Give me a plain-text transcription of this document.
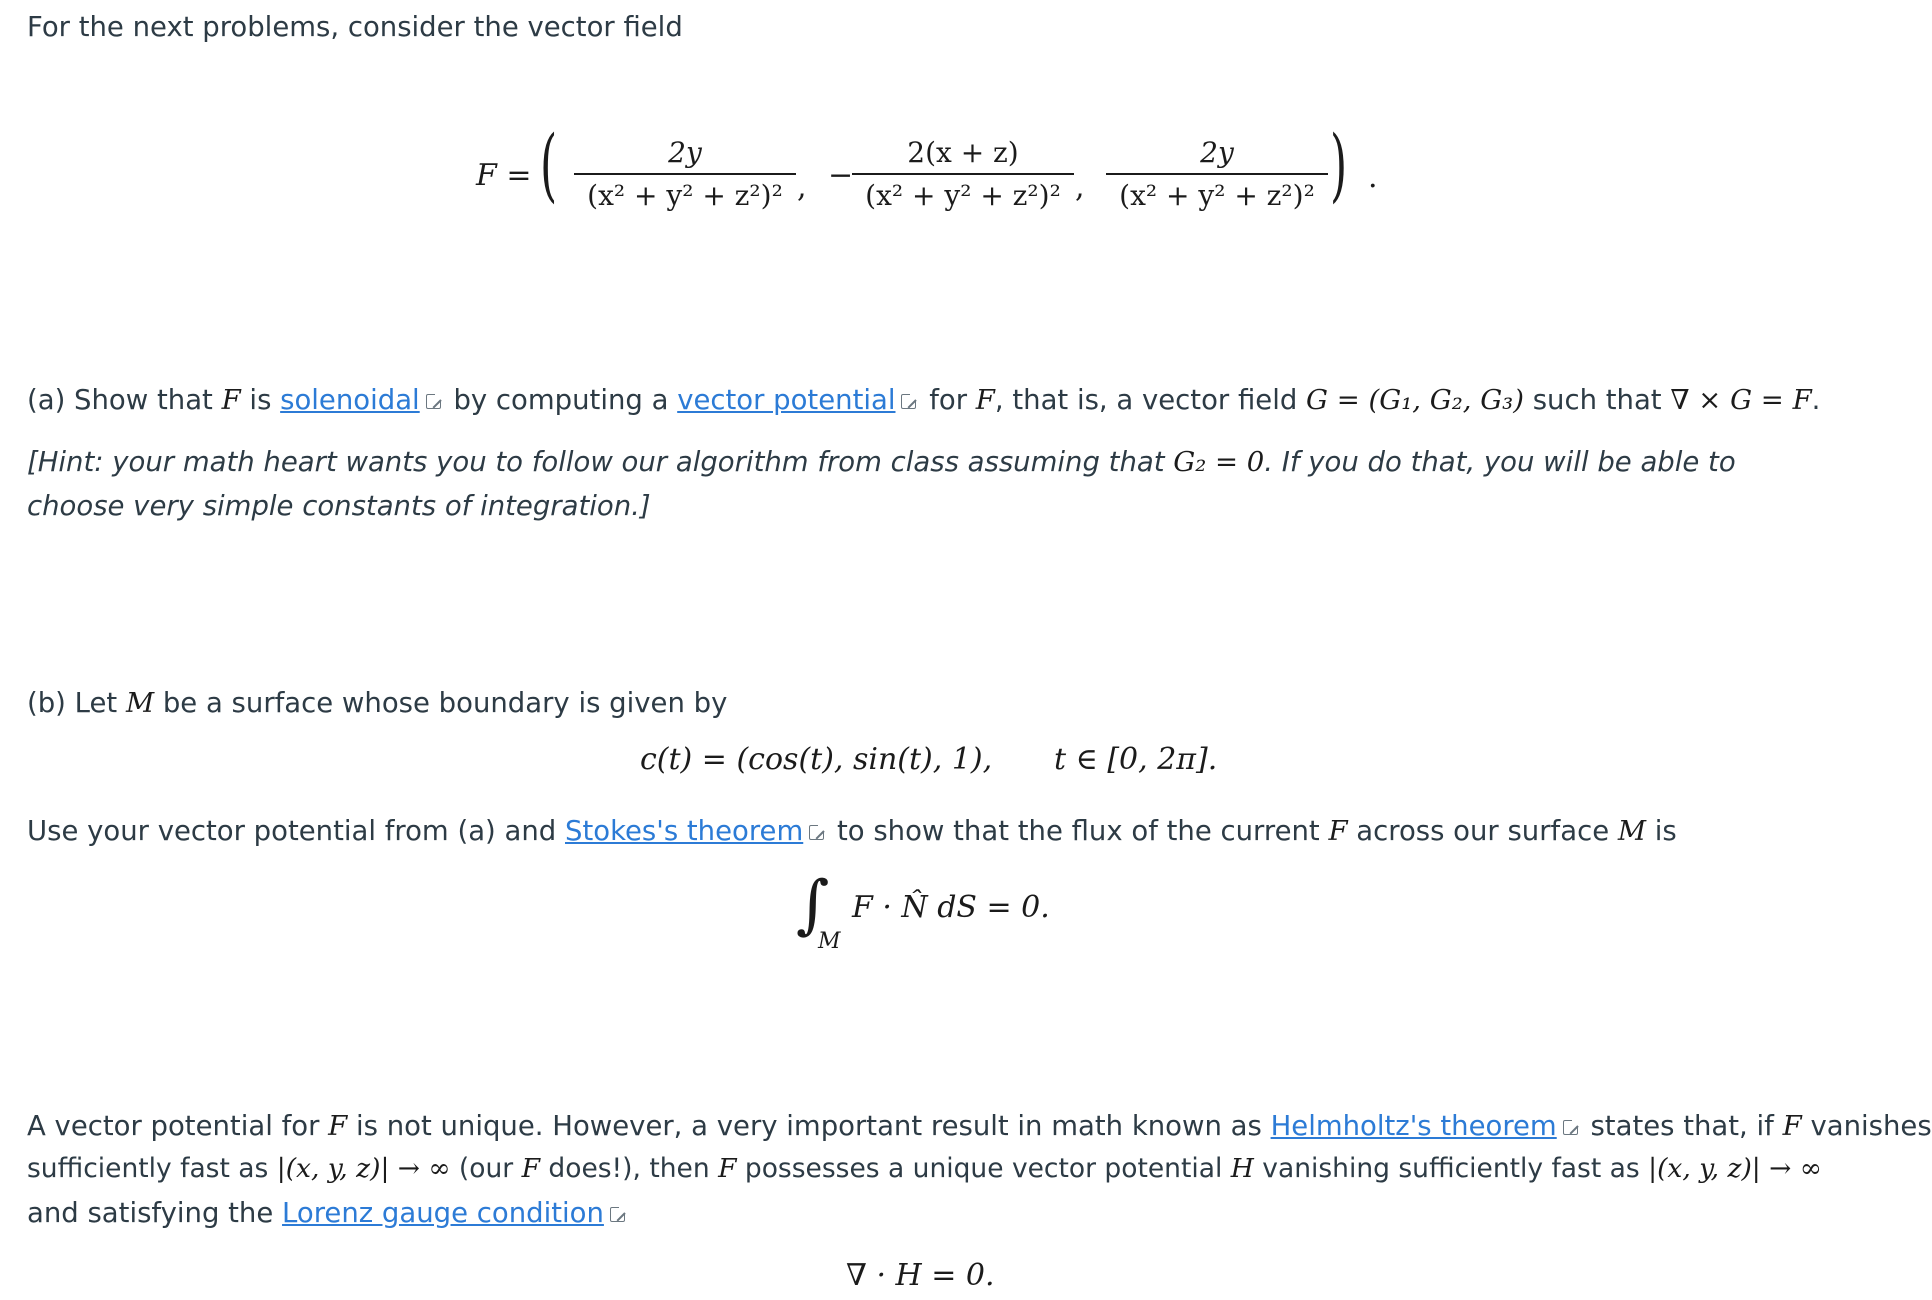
For the next problems, consider the vector field
F = (	2y
(x² + y² + z²)² , −
2(x + z)
(x² + y² + z²)² ,
2y
(x² + y² + z²)² ) .
(a) Show that F is solenoidal by computing a vector potential for F, that is, a vector field G = (G₁, G₂, G₃) such that ∇ × G = F.
[Hint: your math heart wants you to follow our algorithm from class assuming that G₂ = 0. If you do that, you will be able to choose very simple constants of integration.]
(b) Let M be a surface whose boundary is given by
c(t) = (cos(t), sin(t), 1), t ∈ [0, 2π].
Use your vector potential from (a) and Stokes's theorem to show that the flux of the current F across our surface M is
∫
M
F · N̂ dS = 0.
A vector potential for F is not unique. However, a very important result in math known as Helmholtz's theorem states that, if F vanishes
sufficiently fast as |(x, y, z)| → ∞ (our F does!), then F possesses a unique vector potential H vanishing sufficiently fast as |(x, y, z)| → ∞
and satisfying the Lorenz gauge condition
∇ · H = 0.
